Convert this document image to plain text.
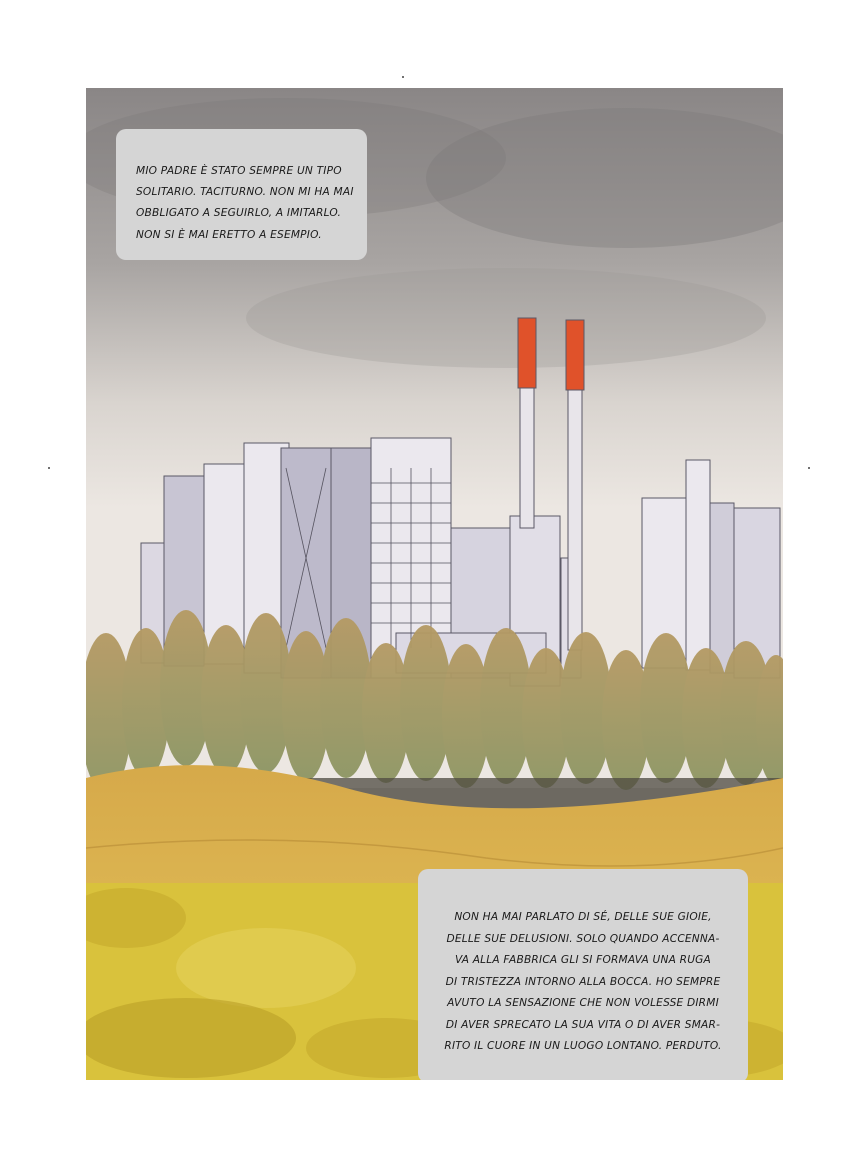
MIO PADRE È STATO SEMPRE UN TIPO
SOLITARIO. TACITURNO. NON MI HA MAI
OBBLIGATO A SEGUIRLO, A IMITARLO.
NON SI È MAI ERETTO A ESEMPIO.

NON HA MAI PARLATO DI SÉ, DELLE SUE GIOIE,
DELLE SUE DELUSIONI. SOLO QUANDO ACCENNA-
VA ALLA FABBRICA GLI SI FORMAVA UNA RUGA
DI TRISTEZZA INTORNO ALLA BOCCA. HO SEMPRE
AVUTO LA SENSAZIONE CHE NON VOLESSE DIRMI
DI AVER SPRECATO LA SUA VITA O DI AVER SMAR-
RITO IL CUORE IN UN LUOGO LONTANO. PERDUTO.
